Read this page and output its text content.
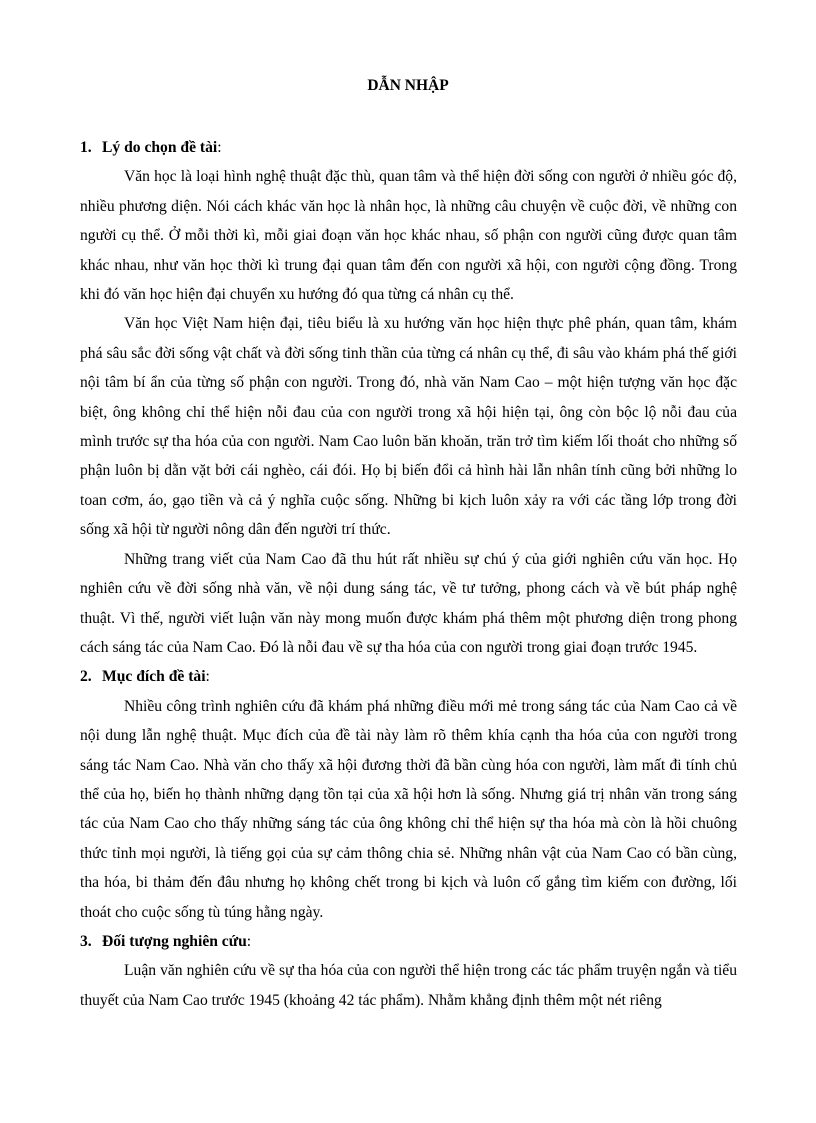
DẪN NHẬP

1. Lý do chọn đề tài:

Văn học là loại hình nghệ thuật đặc thù, quan tâm và thể hiện đời sống con người ở nhiều góc độ, nhiều phương diện. Nói cách khác văn học là nhân học, là những câu chuyện về cuộc đời, về những con người cụ thể. Ở mỗi thời kì, mỗi giai đoạn văn học khác nhau, số phận con người cũng được quan tâm khác nhau, như văn học thời kì trung đại quan tâm đến con người xã hội, con người cộng đồng. Trong khi đó văn học hiện đại chuyển xu hướng đó qua từng cá nhân cụ thể.

Văn học Việt Nam hiện đại, tiêu biểu là xu hướng văn học hiện thực phê phán, quan tâm, khám phá sâu sắc đời sống vật chất và đời sống tinh thần của từng cá nhân cụ thể, đi sâu vào khám phá thế giới nội tâm bí ẩn của từng số phận con người. Trong đó, nhà văn Nam Cao – một hiện tượng văn học đặc biệt, ông không chỉ thể hiện nỗi đau của con người trong xã hội hiện tại, ông còn bộc lộ nỗi đau của mình trước sự tha hóa của con người. Nam Cao luôn băn khoăn, trăn trở tìm kiếm lối thoát cho những số phận luôn bị dằn vặt bởi cái nghèo, cái đói. Họ bị biến đổi cả hình hài lẫn nhân tính cũng bởi những lo toan cơm, áo, gạo tiền và cả ý nghĩa cuộc sống. Những bi kịch luôn xảy ra với các tầng lớp trong đời sống xã hội từ người nông dân đến người trí thức.

Những trang viết của Nam Cao đã thu hút rất nhiều sự chú ý của giới nghiên cứu văn học. Họ nghiên cứu về đời sống nhà văn, về nội dung sáng tác, về tư tưởng, phong cách và về bút pháp nghệ thuật. Vì thế, người viết luận văn này mong muốn được khám phá thêm một phương diện trong phong cách sáng tác của Nam Cao. Đó là nỗi đau về sự tha hóa của con người trong giai đoạn trước 1945.

2. Mục đích đề tài:

Nhiều công trình nghiên cứu đã khám phá những điều mới mẻ trong sáng tác của Nam Cao cả về nội dung lẫn nghệ thuật. Mục đích của đề tài này làm rõ thêm khía cạnh tha hóa của con người trong sáng tác Nam Cao. Nhà văn cho thấy xã hội đương thời đã bần cùng hóa con người, làm mất đi tính chủ thể của họ, biến họ thành những dạng tồn tại của xã hội hơn là sống. Nhưng giá trị nhân văn trong sáng tác của Nam Cao cho thấy những sáng tác của ông không chỉ thể hiện sự tha hóa mà còn là hồi chuông thức tỉnh mọi người, là tiếng gọi của sự cảm thông chia sẻ. Những nhân vật của Nam Cao có bần cùng, tha hóa, bi thảm đến đâu nhưng họ không chết trong bi kịch và luôn cố gắng tìm kiếm con đường, lối thoát cho cuộc sống tù túng hằng ngày.

3. Đối tượng nghiên cứu:

Luận văn nghiên cứu về sự tha hóa của con người thể hiện trong các tác phẩm truyện ngắn và tiểu thuyết của Nam Cao trước 1945 (khoảng 42 tác phẩm). Nhằm khẳng định thêm một nét riêng
